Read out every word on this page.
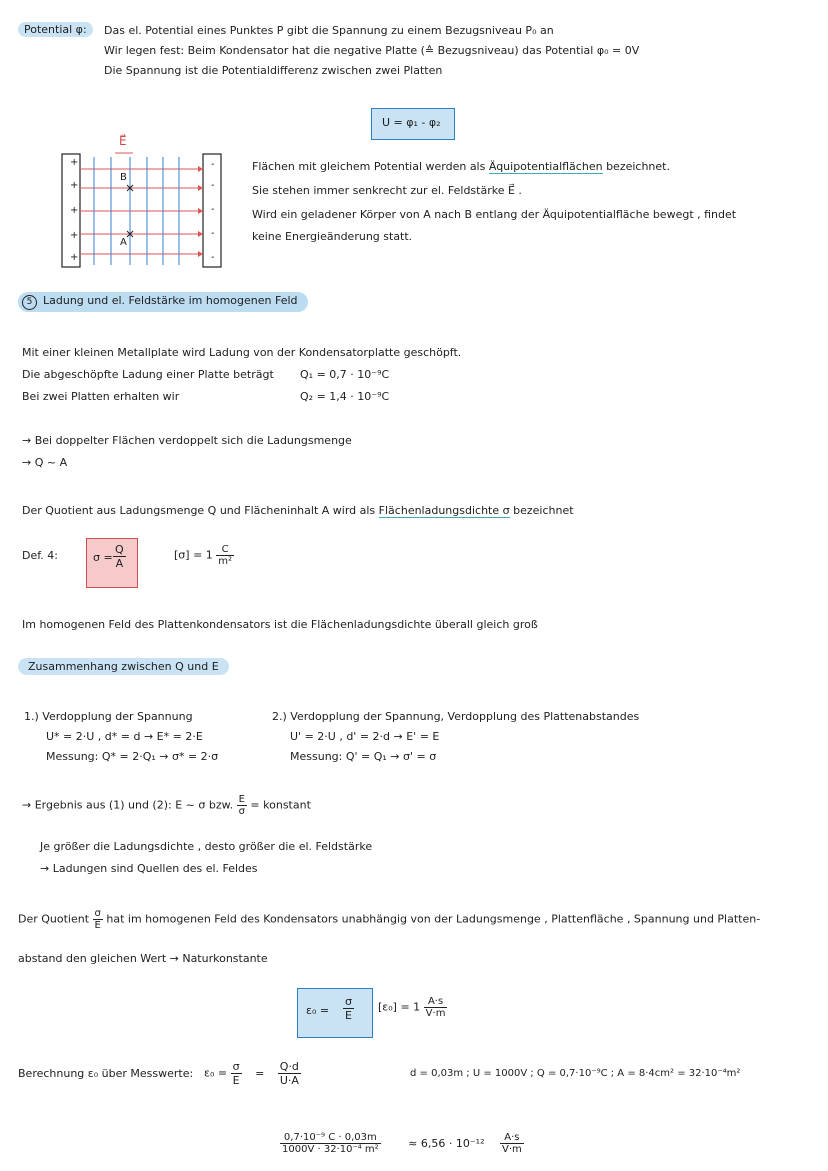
Potential φ:	Das el. Potential eines Punktes P gibt die Spannung zu einem Bezugsniveau P₀ an
Wir legen fest: Beim Kondensator hat die negative Platte (≙ Bezugsniveau) das Potential φ₀ = 0V
Die Spannung ist die Potentialdifferenz zwischen zwei Platten
U = φ₁ - φ₂
E⃗
B
A
+
+
+
+
+
-
-
-
-
-
Flächen mit gleichem Potential werden als Äquipotentialflächen bezeichnet.
Sie stehen immer senkrecht zur el. Feldstärke E⃗ .
Wird ein geladener Körper von A nach B entlang der Äquipotentialfläche bewegt , findet
keine Energieänderung statt.
5 Ladung und el. Feldstärke im homogenen Feld
Mit einer kleinen Metallplate wird Ladung von der Kondensatorplatte geschöpft.
Die abgeschöpfte Ladung einer Platte beträgt Q₁ = 0,7 · 10⁻⁹C
Bei zwei Platten erhalten wir	Q₂ = 1,4 · 10⁻⁹C
→ Bei doppelter Flächen verdoppelt sich die Ladungsmenge
→ Q ~ A
Der Quotient aus Ladungsmenge Q und Flächeninhalt A wird als Flächenladungsdichte σ bezeichnet
Def. 4:	$\sigma = \frac{Q}{A}$	$[\sigma] = 1 \frac{C}{\text{m²}}$
Im homogenen Feld des Plattenkondensators ist die Flächenladungsdichte überall gleich groß
Zusammenhang zwischen Q und E
1.) Verdopplung der Spannung
U* = 2·U , d* = d → E* = 2·E
Messung: Q* = 2·Q₁ → σ* = 2·σ
2.) Verdopplung der Spannung, Verdopplung des Plattenabstandes
U' = 2·U , d' = 2·d → E' = E
Messung: Q' = Q₁ → σ' = σ
→ Ergebnis aus (1) und (2): E ~ σ bzw. $\frac{E}{\sigma}$ = konstant
Je größer die Ladungsdichte , desto größer die el. Feldstärke
→ Ladungen sind Quellen des el. Feldes
Der Quotient $\frac{\sigma}{E}$ hat im homogenen Feld des Kondensators unabhängig von der Ladungsmenge , Plattenfläche , Spannung und Platten-
abstand den gleichen Wert → Naturkonstante
$\varepsilon_0 = \frac{\sigma}{E} [\varepsilon_0] = 1 \frac{A\cdot s}{V\cdot m}$
Berechnung ε₀ über Messwerte: $\varepsilon_0 = \frac{\sigma}{E} = \frac{Q\cdot d}{U\cdot A}$	d = 0,03m ; U = 1000V ; Q = 0,7·10⁻⁹C ; A = 8·4cm² = 32·10⁻⁴m²
$\frac{\text{0,7·10⁻⁹ C · 0,03m}}{\text{1000V · 32·10⁻⁴ m²}}$	≈ $6,56 \cdot 10^{-12} \frac{A\cdot s}{V\cdot m}$
